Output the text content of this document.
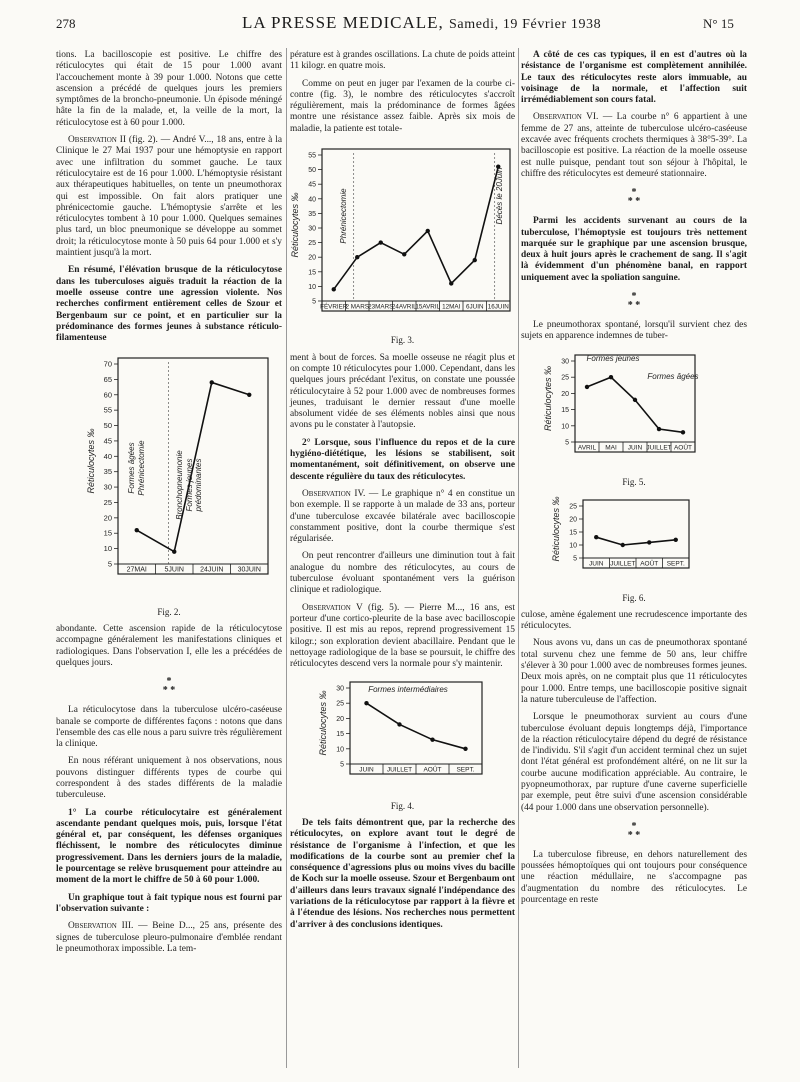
278	LA PRESSE MEDICALE, Samedi, 19 Février 1938	N° 15

tions. La bacilloscopie est positive. Le chiffre des réticulocytes qui était de 15 pour 1.000 avant l'accouchement monte à 39 pour 1.000. Notons que cette ascension a précédé de quelques jours les premiers symptômes de la broncho-pneumonie. Un épisode méningé hâte la fin de la malade, et, la veille de la mort, la réticulocytose est à 60 pour 1.000.

Observation II (fig. 2). — André V..., 18 ans, entre à la Clinique le 27 Mai 1937 pour une hémoptysie en rapport avec une infiltration du sommet gauche. Le taux réticulocytaire est de 16 pour 1.000. L'hémoptysie résistant aux thérapeutiques habituelles, on tente un pneumothorax qui est impossible. On fait alors pratiquer une phrénicectomie gauche. L'hémoptysie s'arrête et les réticulocytes tombent à 10 pour 1.000. Quelques semaines plus tard, un bloc pneumonique se développe au sommet droit; la réticulocytose monte à 50 puis 64 pour 1.000 et s'y maintient jusqu'à la mort.

En résumé, l'élévation brusque de la réticulocytose dans les tuberculoses aiguës traduit la réaction de la moelle osseuse contre une agression violente. Nos recherches confirment entièrement celles de Szour et Bergenbaum sur ce point, et en particulier sur la prédominance des formes jeunes à substance réticulo-filamenteuse

5
10
15
20
25
30
35
40
45
50
55
60
65
70
Réticulocytes ‰
27MAI	5JUIN 24JUIN 30JUIN
Formes âgées Phrénicectomie	Bronchopneumonie Formes jeunes prédominantes
Fig. 2.

abondante. Cette ascension rapide de la réticulocytose accompagne généralement les manifestations cliniques et radiologiques. Dans l'observation I, elle les a précédées de quelques jours.

*
* *

La réticulocytose dans la tuberculose ulcéro-caséeuse banale se comporte de différentes façons : notons que dans l'ensemble des cas elle nous a paru suivre très régulièrement la clinique.

En nous référant uniquement à nos observations, nous pouvons distinguer différents types de courbe qui correspondent à des stades différents de la maladie tuberculeuse.

1° La courbe réticulocytaire est généralement ascendante pendant quelques mois, puis, lorsque l'état général et, par conséquent, les défenses organiques fléchissent, le nombre des réticulocytes diminue progressivement. Dans les derniers jours de la maladie, le pourcentage se relève brusquement pour atteindre au moment de la mort le chiffre de 50 à 60 pour 1.000.

Un graphique tout à fait typique nous est fourni par l'observation suivante :

Observation III. — Beine D..., 25 ans, présente des signes de tuberculose pleuro-pulmonaire d'emblée rendant le pneumothorax impossible. La tem-

pérature est à grandes oscillations. La chute de poids atteint 11 kilogr. en quatre mois.

Comme on peut en juger par l'examen de la courbe ci-contre (fig. 3), le nombre des réticulocytes s'accroît régulièrement, mais la prédominance de formes âgées montre une résistance assez faible. Après six mois de maladie, la patiente est totale-

5
10
15
20
25
30
35
40
45
50
55
Réticulocytes ‰
FÉVRIER
2 MARS 23MARS
24AVRIL
15AVRIL 12MAI 6JUIN 16JUIN
Phrénicectomie	Décès le 20Juin
Fig. 3.

ment à bout de forces. Sa moelle osseuse ne réagit plus et on compte 10 réticulocytes pour 1.000. Cependant, dans les quelques jours précédant l'exitus, on constate une poussée réticulocytaire à 52 pour 1.000 avec de nombreuses formes jeunes, traduisant le dernier ressaut d'une moelle absolument vidée de ses éléments nobles ainsi que nous avons pu le constater à l'autopsie.

2° Lorsque, sous l'influence du repos et de la cure hygiéno-diététique, les lésions se stabilisent, soit momentanément, soit définitivement, on observe une descente régulière du taux des réticulocytes.

Observation IV. — Le graphique n° 4 en constitue un bon exemple. Il se rapporte à un malade de 33 ans, porteur d'une tuberculose excavée bilatérale avec bacilloscopie constamment positive, dont la courbe thermique s'est régularisée.

On peut rencontrer d'ailleurs une diminution tout à fait analogue du nombre des réticulocytes, au cours de tuberculose évoluant spontanément vers la guérison clinique et radiologique.

Observation V (fig. 5). — Pierre M..., 16 ans, est porteur d'une cortico-pleurite de la base avec bacilloscopie positive. Il est mis au repos, reprend progressivement 15 kilogr.; son exploration devient abacillaire. Pendant que le nettoyage radiologique de la base se poursuit, le chiffre des réticulocytes descend vers la normale pour s'y maintenir.

5
10
15
20
25
30
Réticulocytes ‰
JUIN JUILLET AOÛT SEPT.
Formes intermédiaires
Fig. 4.

De tels faits démontrent que, par la recherche des réticulocytes, on explore avant tout le degré de résistance de l'organisme à l'infection, et que les modifications de la courbe sont au premier chef la conséquence d'agressions plus ou moins vives du bacille de Koch sur la moelle osseuse. Szour et Bergenbaum ont d'ailleurs dans leurs travaux signalé l'indépendance des variations de la réticulocytose par rapport à la fièvre et à l'étendue des lésions. Nos recherches nous permettent d'arriver à des conclusions identiques.

A côté de ces cas typiques, il en est d'autres où la résistance de l'organisme est complètement annihilée. Le taux des réticulocytes reste alors immuable, au voisinage de la normale, et l'affection suit irrémédiablement son cours fatal.

Observation VI. — La courbe n° 6 appartient à une femme de 27 ans, atteinte de tuberculose ulcéro-caséeuse excavée avec fréquents crochets thermiques à 38°5-39°. La bacilloscopie est positive. La réaction de la moelle osseuse est nulle puisque, pendant tout son séjour à l'hôpital, le chiffre des réticulocytes est demeuré stationnaire.

*
* *

Parmi les accidents survenant au cours de la tuberculose, l'hémoptysie est toujours très nettement marquée sur le graphique par une ascension brusque, deux à huit jours après le crachement de sang. Il s'agit là évidemment d'un phénomène banal, en rapport uniquement avec la spoliation sanguine.

*
* *

Le pneumothorax spontané, lorsqu'il survient chez des sujets en apparence indemnes de tuber-

5
10
15
20
25
30
Réticulocytes ‰
AVRIL MAI JUIN JUILLET AOÛT
Formes jeunes
Formes âgées
Fig. 5.
5
10
15
20
25
Réticulocytes ‰
JUIN JUILLET AOÛT SEPT.
Fig. 6.

culose, amène également une recrudescence importante des réticulocytes.

Nous avons vu, dans un cas de pneumothorax spontané total survenu chez une femme de 50 ans, leur chiffre s'élever à 30 pour 1.000 avec de nombreuses formes jeunes. Deux mois après, on ne comptait plus que 11 réticulocytes pour 1.000. Entre temps, une bacilloscopie positive signait la nature tuberculeuse de l'affection.

Lorsque le pneumothorax survient au cours d'une tuberculose évoluant depuis longtemps déjà, l'importance de la réaction réticulocytaire dépend du degré de résistance de l'individu. S'il s'agit d'un accident terminal chez un sujet dont l'état général est profondément altéré, on ne lit sur la courbe aucune modification appréciable. Au contraire, le pyopneumothorax, par rupture d'une caverne superficielle par exemple, peut être suivi d'une ascension considérable (44 pour 1.000 dans une observation personnelle).

*
* *

La tuberculose fibreuse, en dehors naturellement des poussées hémoptoïques qui ont toujours pour conséquence une réaction médullaire, ne s'accompagne pas d'augmentation du nombre des réticulocytes. Le pourcentage en reste
